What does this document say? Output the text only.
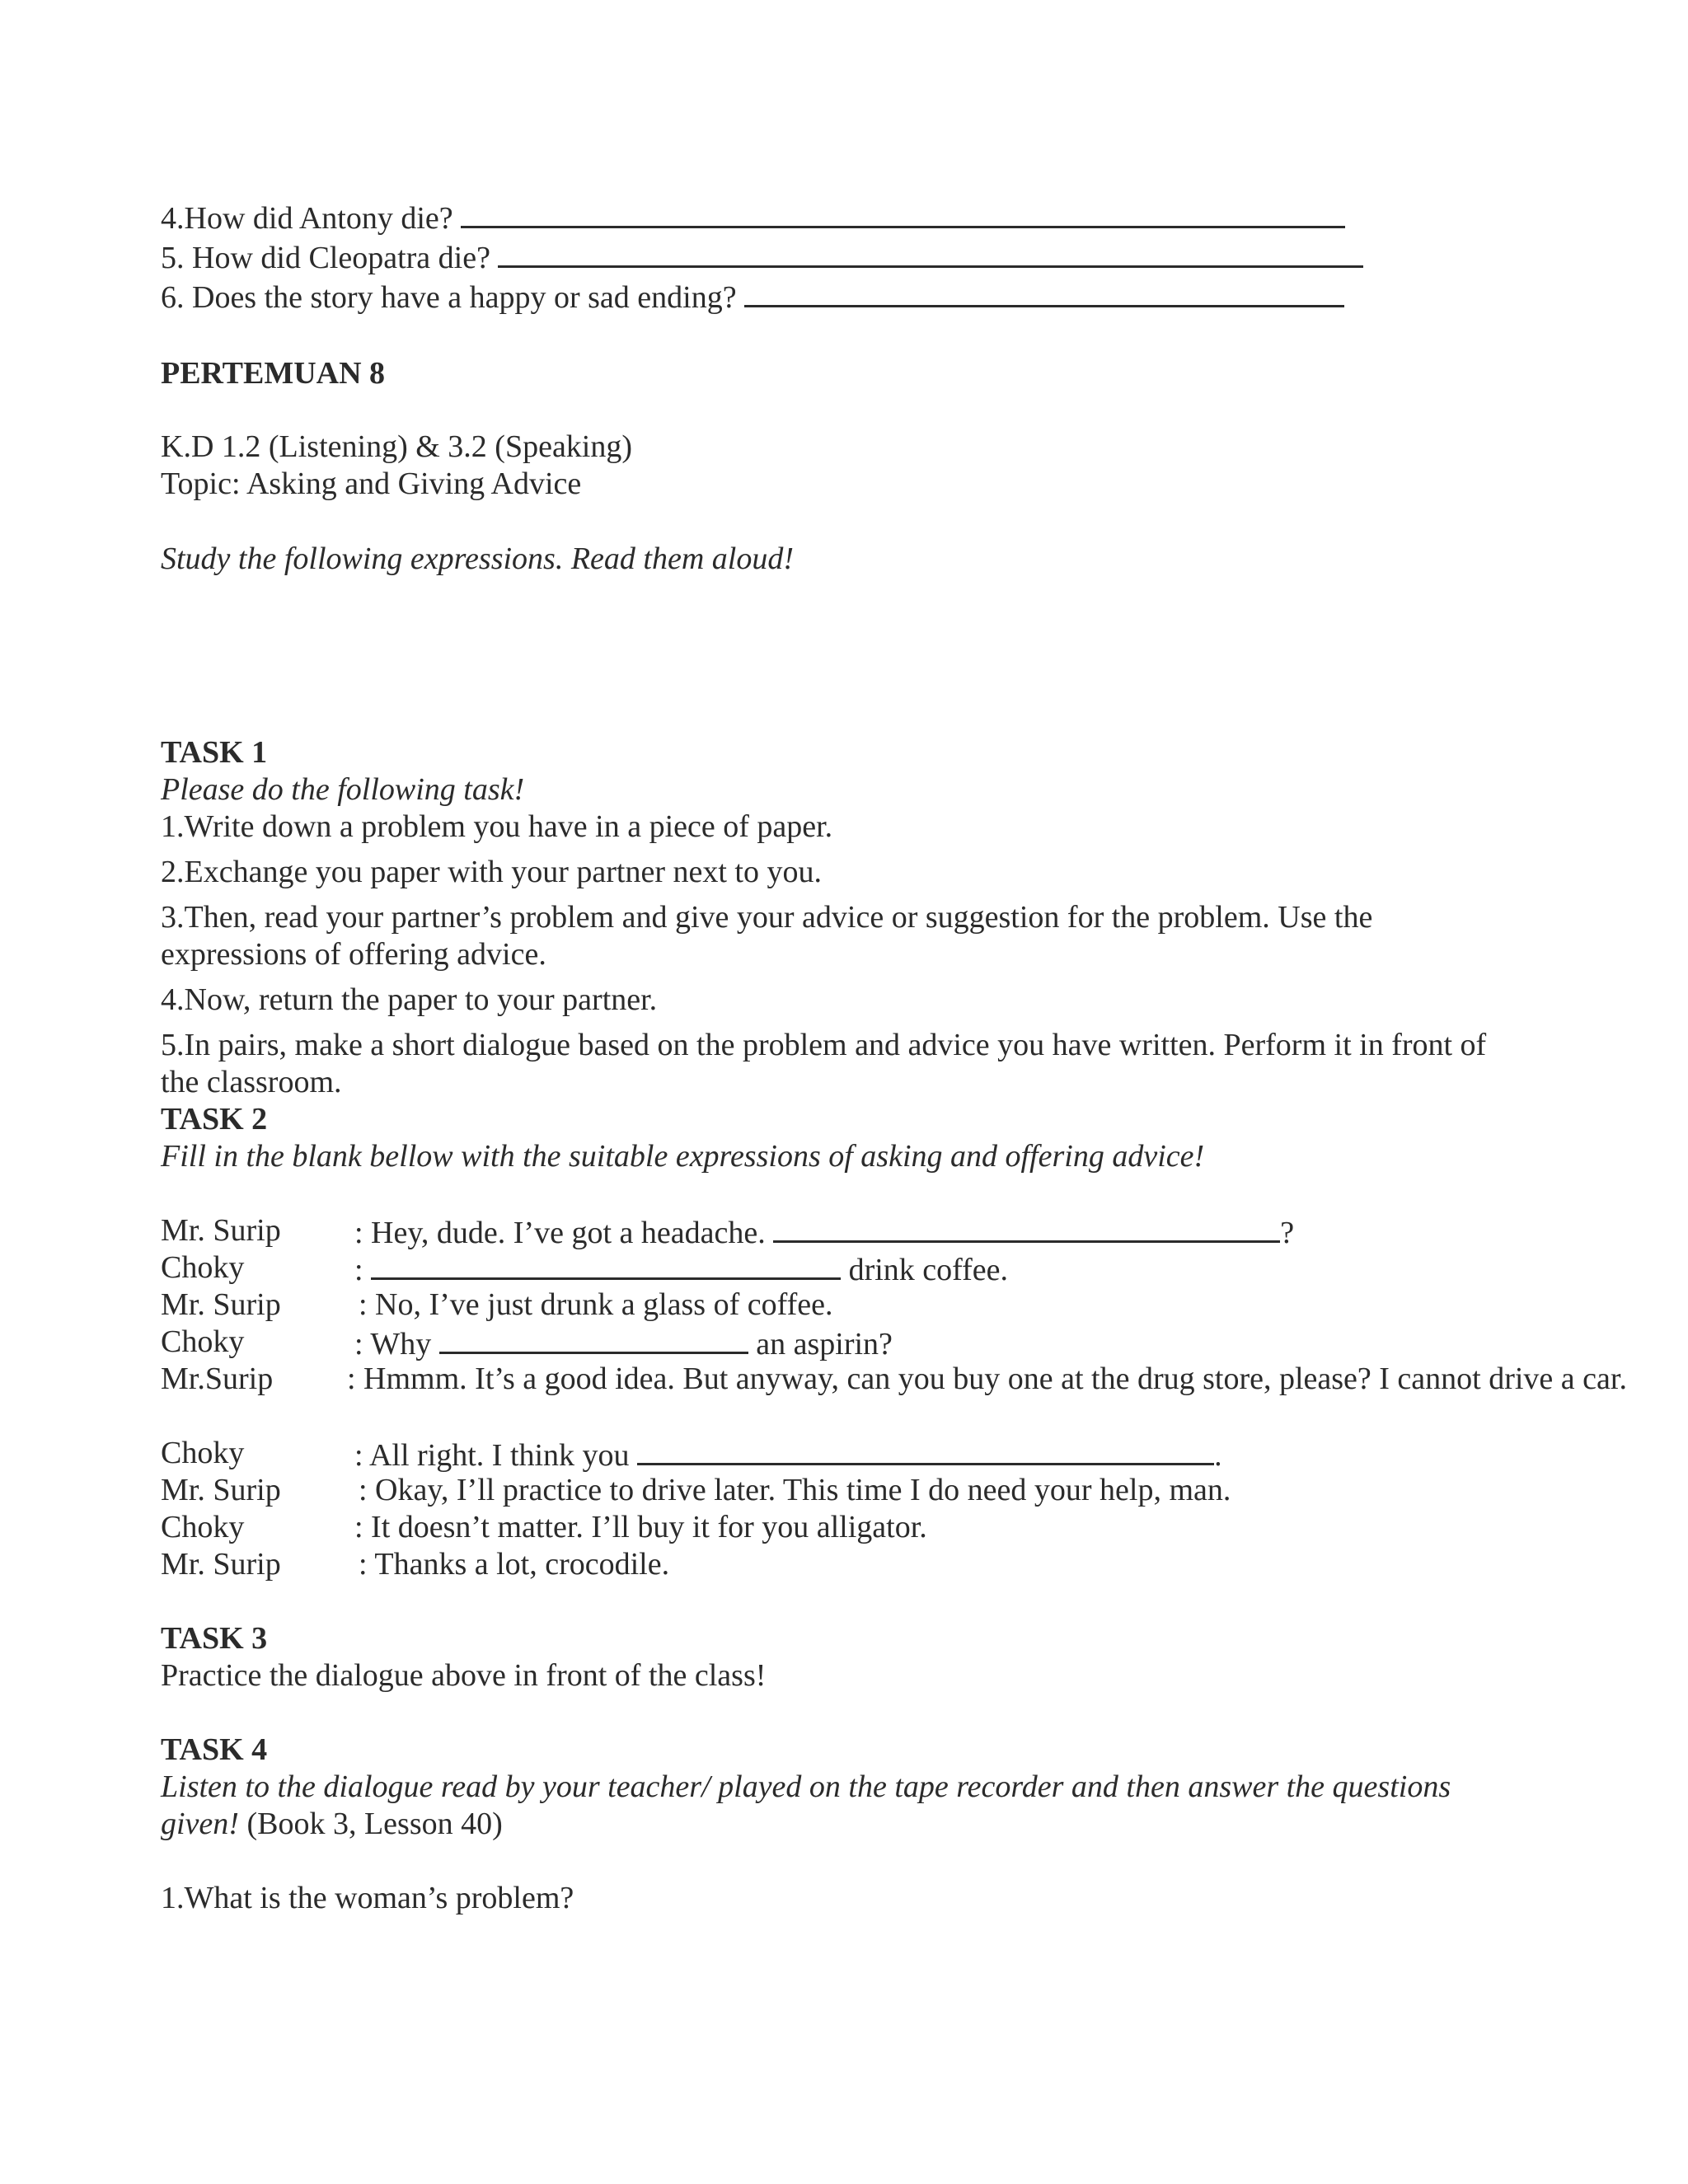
4.How did Antony die?
5. How did Cleopatra die?
6. Does the story have a happy or sad ending?
PERTEMUAN 8
K.D 1.2 (Listening) & 3.2 (Speaking)
Topic: Asking and Giving Advice
Study the following expressions. Read them aloud!
TASK 1
Please do the following task!
1.Write down a problem you have in a piece of paper.
2.Exchange you paper with your partner next to you.
3.Then, read your partner’s problem and give your advice or suggestion for the problem. Use the expressions of offering advice.
4.Now, return the paper to your partner.
5.In pairs, make a short dialogue based on the problem and advice you have written. Perform it in front of the classroom.
TASK 2
Fill in the blank bellow with the suitable expressions of asking and offering advice!
Mr. Surip : Hey, dude. I’ve got a headache.	?
Choky	:	drink coffee.
Mr. Surip : No, I’ve just drunk a glass of coffee.
Choky	: Why	an aspirin?
Mr.Surip : Hmmm. It’s a good idea. But anyway, can you buy one at the drug store, please? I cannot drive a car.
Choky	: All right. I think you	.
Mr. Surip : Okay, I’ll practice to drive later. This time I do need your help, man.
Choky	: It doesn’t matter. I’ll buy it for you alligator.
Mr. Surip : Thanks a lot, crocodile.
TASK 3
Practice the dialogue above in front of the class!
TASK 4
Listen to the dialogue read by your teacher/ played on the tape recorder and then answer the questions given! (Book 3, Lesson 40)
1.What is the woman’s problem?
